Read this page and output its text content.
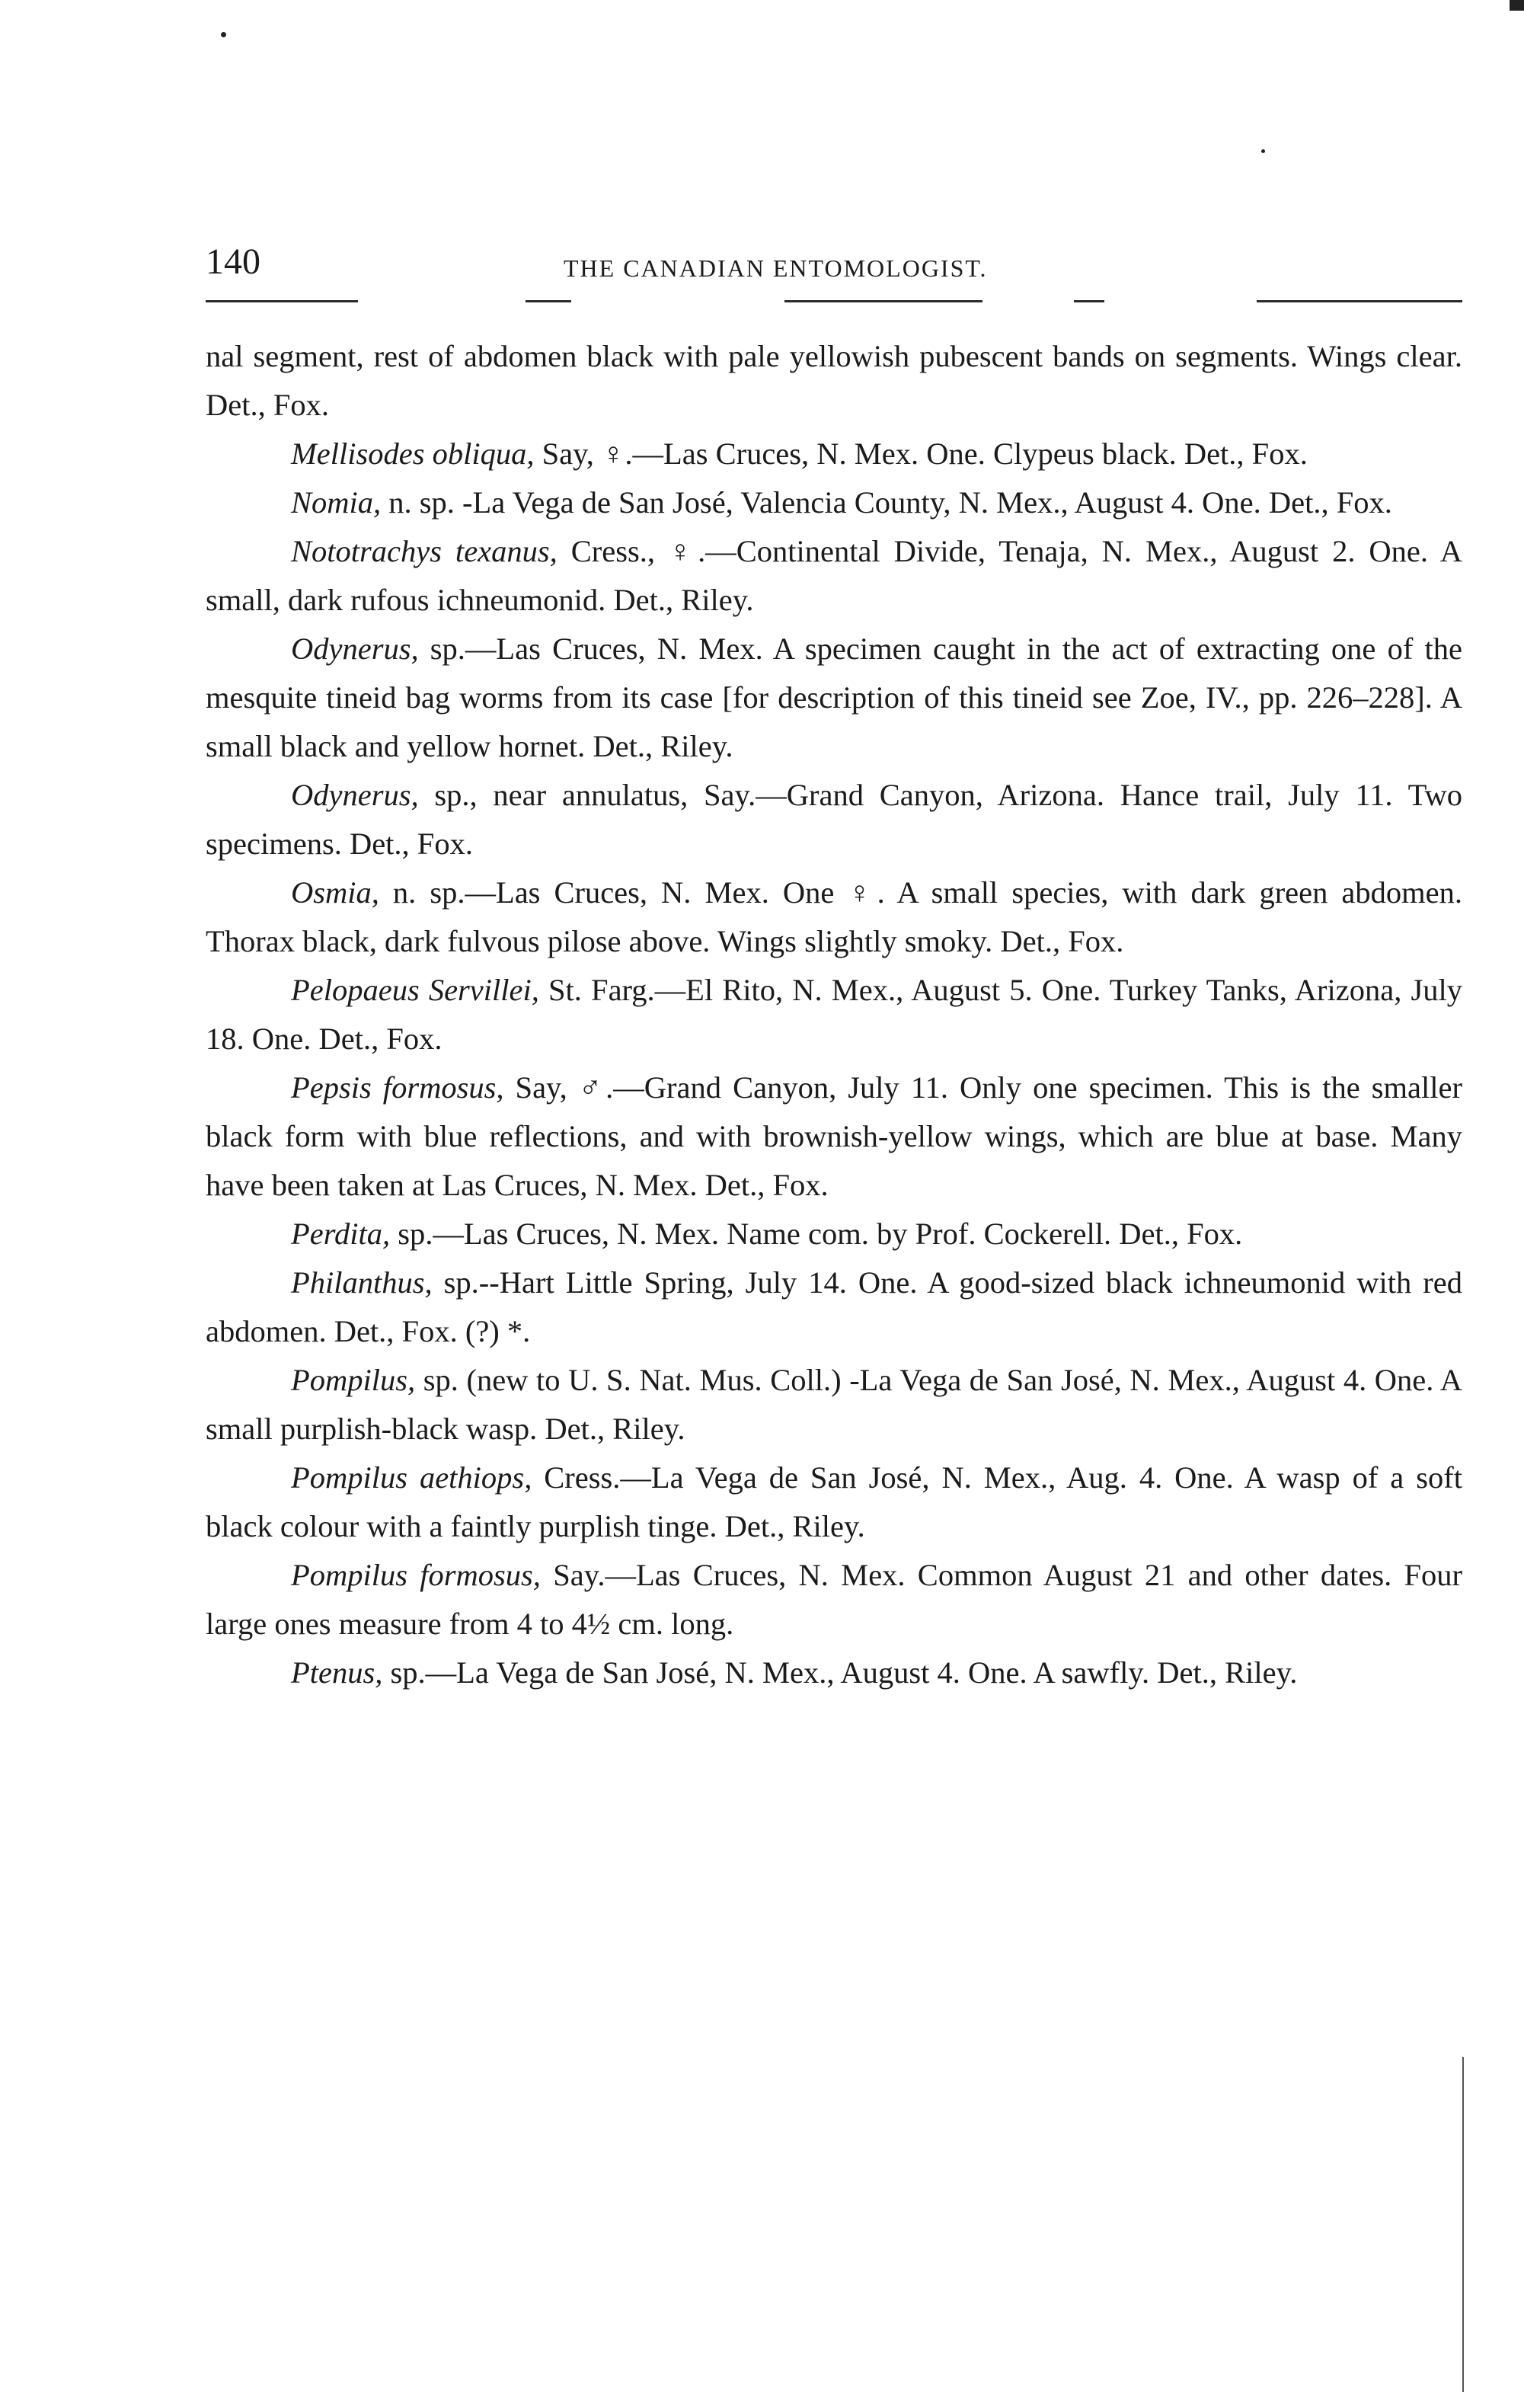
140	THE CANADIAN ENTOMOLOGIST.

nal segment, rest of abdomen black with pale yellowish pubescent bands on segments. Wings clear. Det., Fox.

Mellisodes obliqua, Say, ♀.—Las Cruces, N. Mex. One. Clypeus black. Det., Fox.

Nomia, n. sp. -La Vega de San José, Valencia County, N. Mex., August 4. One. Det., Fox.

Nototrachys texanus, Cress., ♀.—Continental Divide, Tenaja, N. Mex., August 2. One. A small, dark rufous ichneumonid. Det., Riley.

Odynerus, sp.—Las Cruces, N. Mex. A specimen caught in the act of extracting one of the mesquite tineid bag worms from its case [for description of this tineid see Zoe, IV., pp. 226–228]. A small black and yellow hornet. Det., Riley.

Odynerus, sp., near annulatus, Say.—Grand Canyon, Arizona. Hance trail, July 11. Two specimens. Det., Fox.

Osmia, n. sp.—Las Cruces, N. Mex. One ♀. A small species, with dark green abdomen. Thorax black, dark fulvous pilose above. Wings slightly smoky. Det., Fox.

Pelopaeus Servillei, St. Farg.—El Rito, N. Mex., August 5. One. Turkey Tanks, Arizona, July 18. One. Det., Fox.

Pepsis formosus, Say, ♂.—Grand Canyon, July 11. Only one specimen. This is the smaller black form with blue reflections, and with brownish-yellow wings, which are blue at base. Many have been taken at Las Cruces, N. Mex. Det., Fox.

Perdita, sp.—Las Cruces, N. Mex. Name com. by Prof. Cockerell. Det., Fox.

Philanthus, sp.--Hart Little Spring, July 14. One. A good-sized black ichneumonid with red abdomen. Det., Fox. (?) *.

Pompilus, sp. (new to U. S. Nat. Mus. Coll.) -La Vega de San José, N. Mex., August 4. One. A small purplish-black wasp. Det., Riley.

Pompilus aethiops, Cress.—La Vega de San José, N. Mex., Aug. 4. One. A wasp of a soft black colour with a faintly purplish tinge. Det., Riley.

Pompilus formosus, Say.—Las Cruces, N. Mex. Common August 21 and other dates. Four large ones measure from 4 to 4½ cm. long.

Ptenus, sp.—La Vega de San José, N. Mex., August 4. One. A sawfly. Det., Riley.
